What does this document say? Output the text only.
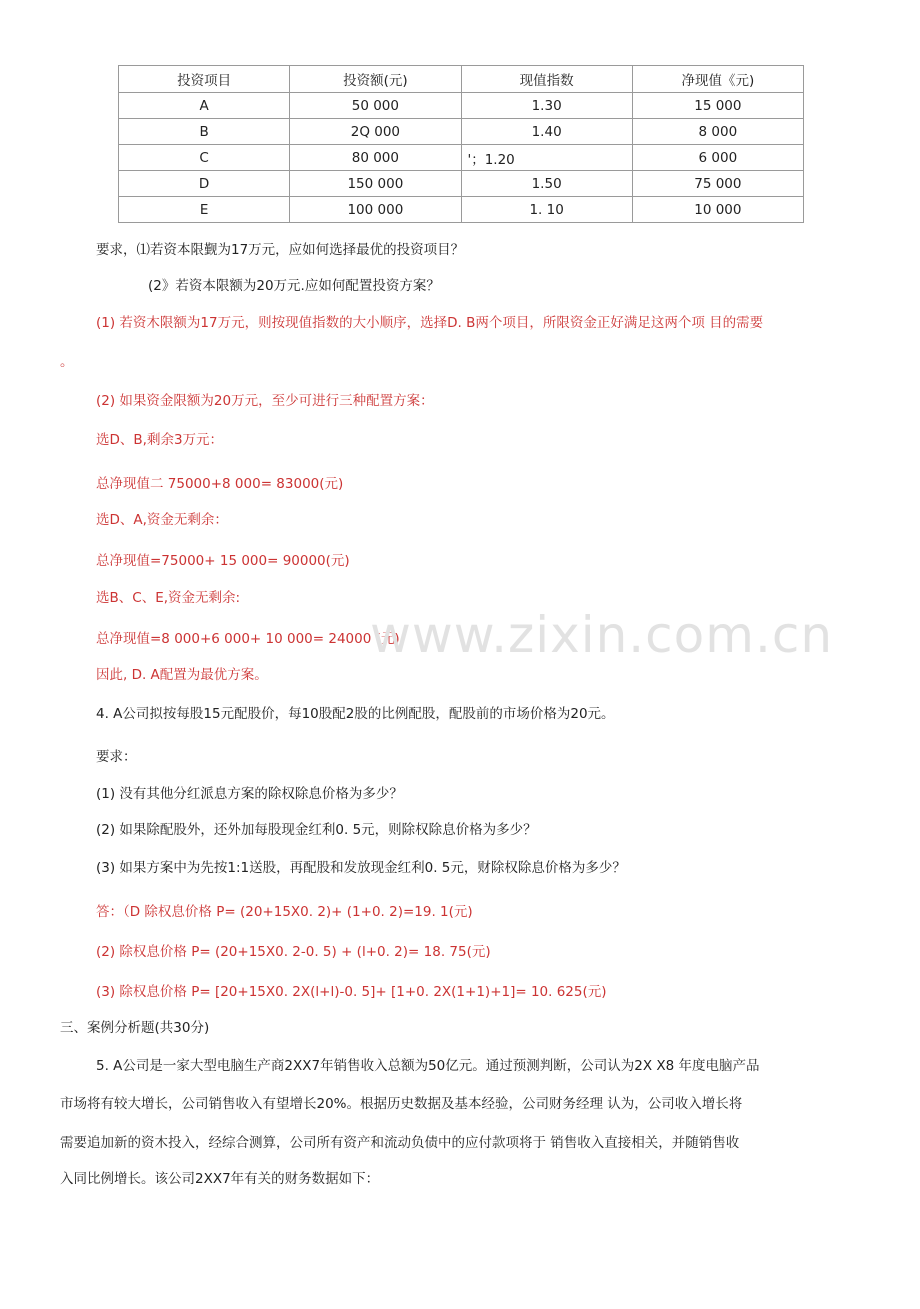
投资项目	投资额(元)	现值指数	净现值《元)
A	50 000	1.30	15 000
B	2Q 000	1.40	8 000
C	80 000	'；1.20	6 000
D	150 000	1.50	75 000
E	100 000	1. 10	10 000
要求，⑴若资本限觐为17万元，应如何选择最优的投资项目？
(2》若资本限额为20万元.应如何配置投资方案？
(1) 若资木限额为17万元，则按现值指数的大小顺序，选择D. B两个项目，所限资金正好满足这两个项 目的需要
。
(2) 如果资金限额为20万元，至少可进行三种配置方案：
选D、B,剩余3万元：
总净现值二 75000+8 000= 83000(元)
选D、A,资金无剩余：
总净现值=75000+ 15 000= 90000(元)
选B、C、E,资金无剩余:
总净现值=8 000+6 000+ 10 000= 24000 (元)
因此, D. A配置为最优方案。
4. A公司拟按每股15元配股价，每10股配2股的比例配股，配股前的市场价格为20元。
要求：
(1) 没有其他分红派息方案的除权除息价格为多少？
(2) 如果除配股外，还外加每股现金红利0. 5元，则除权除息价格为多少？
(3) 如果方案中为先按1:1送股，再配股和发放现金红利0. 5元，财除权除息价格为多少？
答：（D 除权息价格 P= (20+15X0. 2)+ (1+0. 2)=19. 1(元)
(2) 除权息价格 P= (20+15X0. 2-0. 5) + (l+0. 2)= 18. 75(元)
(3) 除权息价格 P= [20+15X0. 2X(l+l)-0. 5]+ [1+0. 2X(1+1)+1]= 10. 625(元)
三、案例分析题(共30分)
5. A公司是一家大型电脑生产商2XX7年销售收入总额为50亿元。通过预测判断，公司认为2X X8 年度电脑产品
市场将有较大增长，公司销售收入有望增长20%。根据历史数据及基本经验，公司财务经理 认为，公司收入增长将
需要追加新的资木投入，经综合测算，公司所有资产和流动负债中的应付款项将于 销售收入直接相关，并随销售收
入同比例增长。该公司2XX7年有关的财务数据如下：
www.zixin.com.cn
